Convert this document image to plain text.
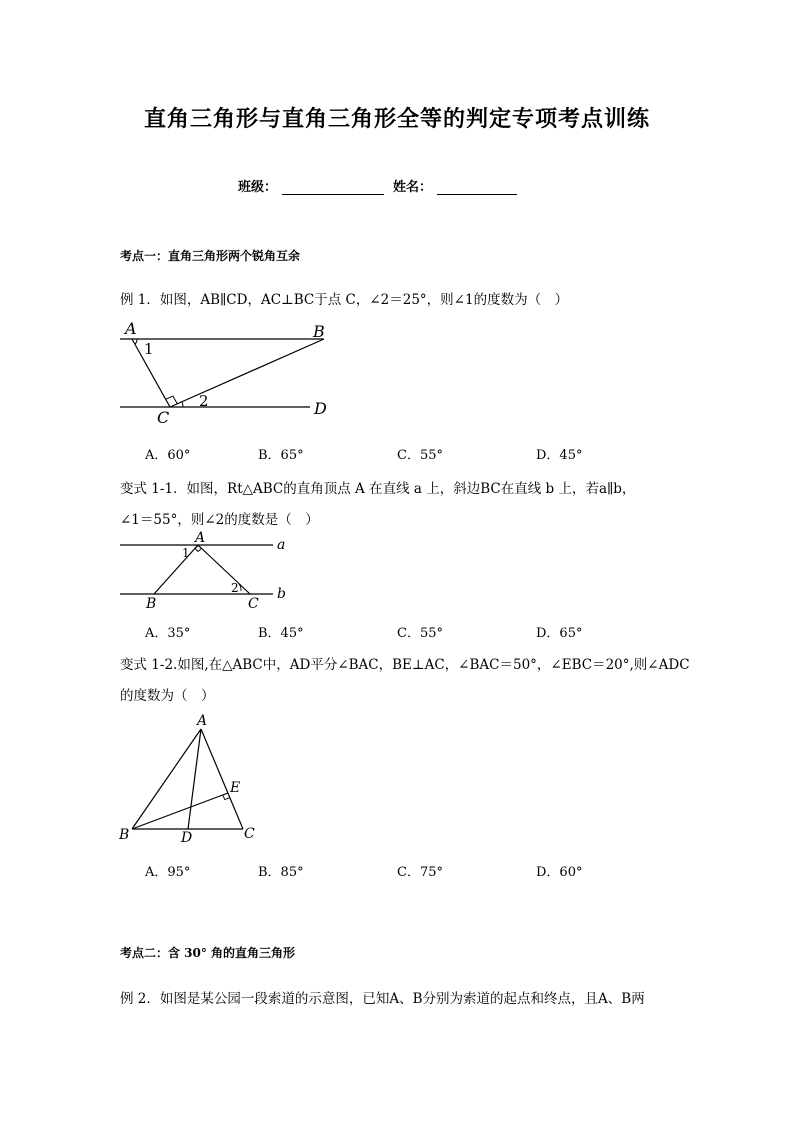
直角三角形与直角三角形全等的判定专项考点训练
班级：	姓名：
考点一：直角三角形两个锐角互余
例 1．如图，AB∥CD，AC⊥BC于点 C，∠2＝25°，则∠1的度数为（　）
A	B
C	D
1
2
A．60°	B．65°	C．55°	D．45°
变式 1-1．如图，Rt△ABC的直角顶点 A 在直线 a 上，斜边BC在直线 b 上，若a∥b，
∠1＝55°，则∠2的度数是（　）
A
B	C
a
b
1
2
A．35°	B．45°	C．55°	D．65°
变式 1-2.如图,在△ABC中，AD平分∠BAC，BE⊥AC，∠BAC＝50°，∠EBC＝20°,则∠ADC
的度数为（　）
A
B	C
D
E
A．95°	B．85°	C．75°	D．60°
考点二：含 30° 角的直角三角形
例 2．如图是某公园一段索道的示意图，已知A、B分别为索道的起点和终点，且A、B两
